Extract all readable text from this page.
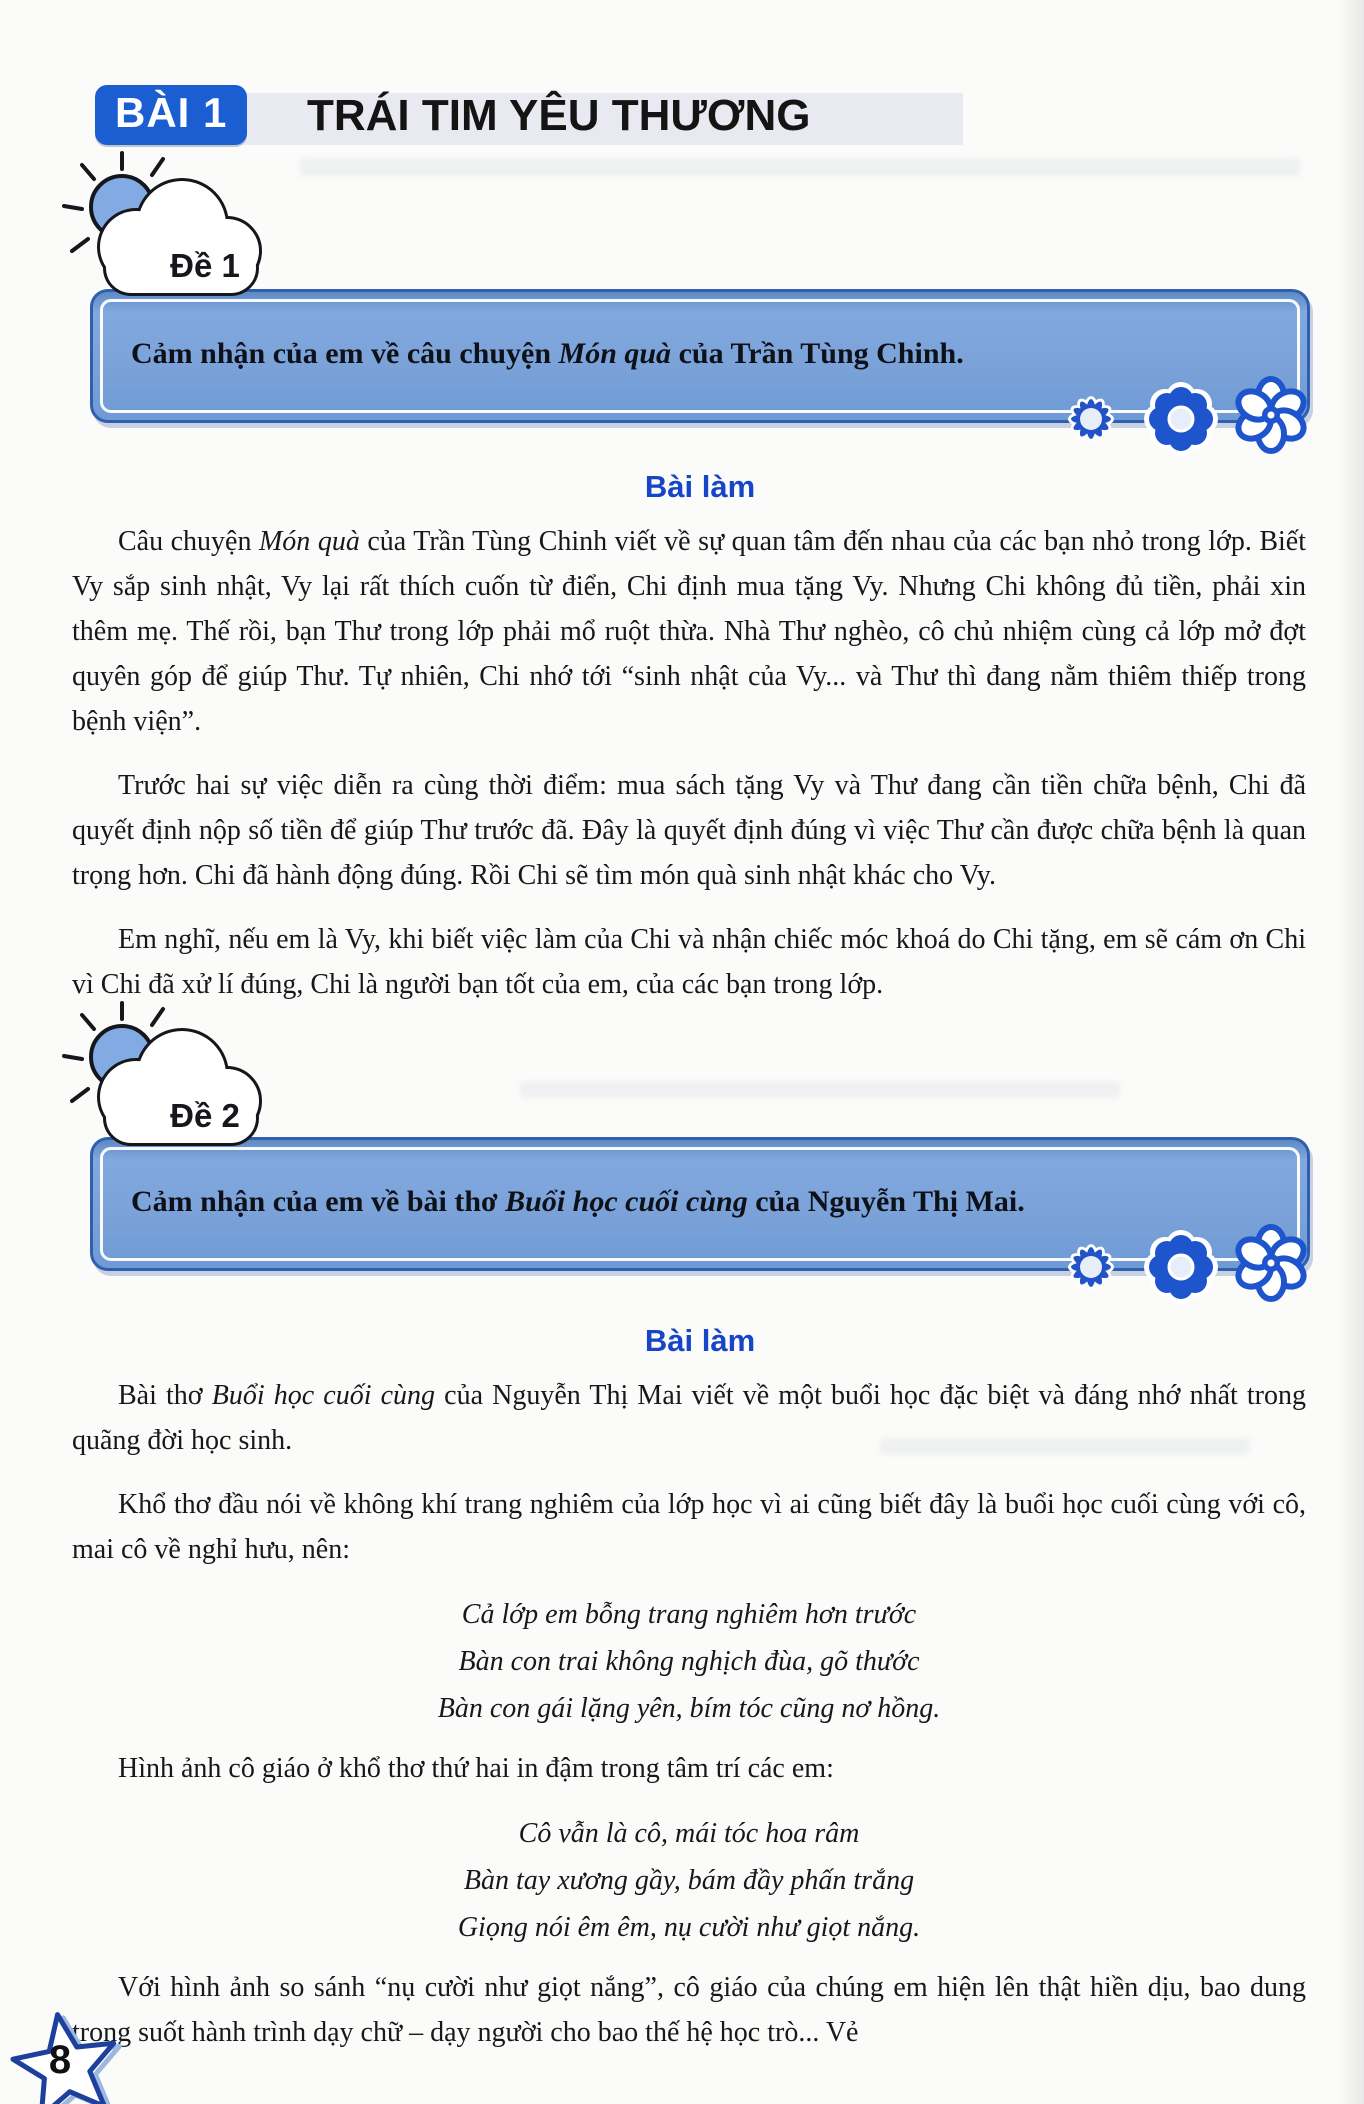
BÀI 1	TRÁI TIM YÊU THƯƠNG
Đề 1
Cảm nhận của em về câu chuyện Món quà của Trần Tùng Chinh.
Bài làm

Câu chuyện Món quà của Trần Tùng Chinh viết về sự quan tâm đến nhau của các bạn nhỏ trong lớp. Biết Vy sắp sinh nhật, Vy lại rất thích cuốn từ điển, Chi định mua tặng Vy. Nhưng Chi không đủ tiền, phải xin thêm mẹ. Thế rồi, bạn Thư trong lớp phải mổ ruột thừa. Nhà Thư nghèo, cô chủ nhiệm cùng cả lớp mở đợt quyên góp để giúp Thư. Tự nhiên, Chi nhớ tới “sinh nhật của Vy... và Thư thì đang nằm thiêm thiếp trong bệnh viện”.

Trước hai sự việc diễn ra cùng thời điểm: mua sách tặng Vy và Thư đang cần tiền chữa bệnh, Chi đã quyết định nộp số tiền để giúp Thư trước đã. Đây là quyết định đúng vì việc Thư cần được chữa bệnh là quan trọng hơn. Chi đã hành động đúng. Rồi Chi sẽ tìm món quà sinh nhật khác cho Vy.

Em nghĩ, nếu em là Vy, khi biết việc làm của Chi và nhận chiếc móc khoá do Chi tặng, em sẽ cám ơn Chi vì Chi đã xử lí đúng, Chi là người bạn tốt của em, của các bạn trong lớp.

Đề 2
Cảm nhận của em về bài thơ Buổi học cuối cùng của Nguyễn Thị Mai.
Bài làm

Bài thơ Buổi học cuối cùng của Nguyễn Thị Mai viết về một buổi học đặc biệt và đáng nhớ nhất trong quãng đời học sinh.

Khổ thơ đầu nói về không khí trang nghiêm của lớp học vì ai cũng biết đây là buổi học cuối cùng với cô, mai cô về nghỉ hưu, nên:

Cả lớp em bỗng trang nghiêm hơn trước
Bàn con trai không nghịch đùa, gõ thước
Bàn con gái lặng yên, bím tóc cũng nơ hồng.

Hình ảnh cô giáo ở khổ thơ thứ hai in đậm trong tâm trí các em:

Cô vẫn là cô, mái tóc hoa râm
Bàn tay xương gầy, bám đầy phấn trắng
Giọng nói êm êm, nụ cười như giọt nắng.

Với hình ảnh so sánh “nụ cười như giọt nắng”, cô giáo của chúng em hiện lên thật hiền dịu, bao dung trong suốt hành trình dạy chữ – dạy người cho bao thế hệ học trò... Vẻ

8
